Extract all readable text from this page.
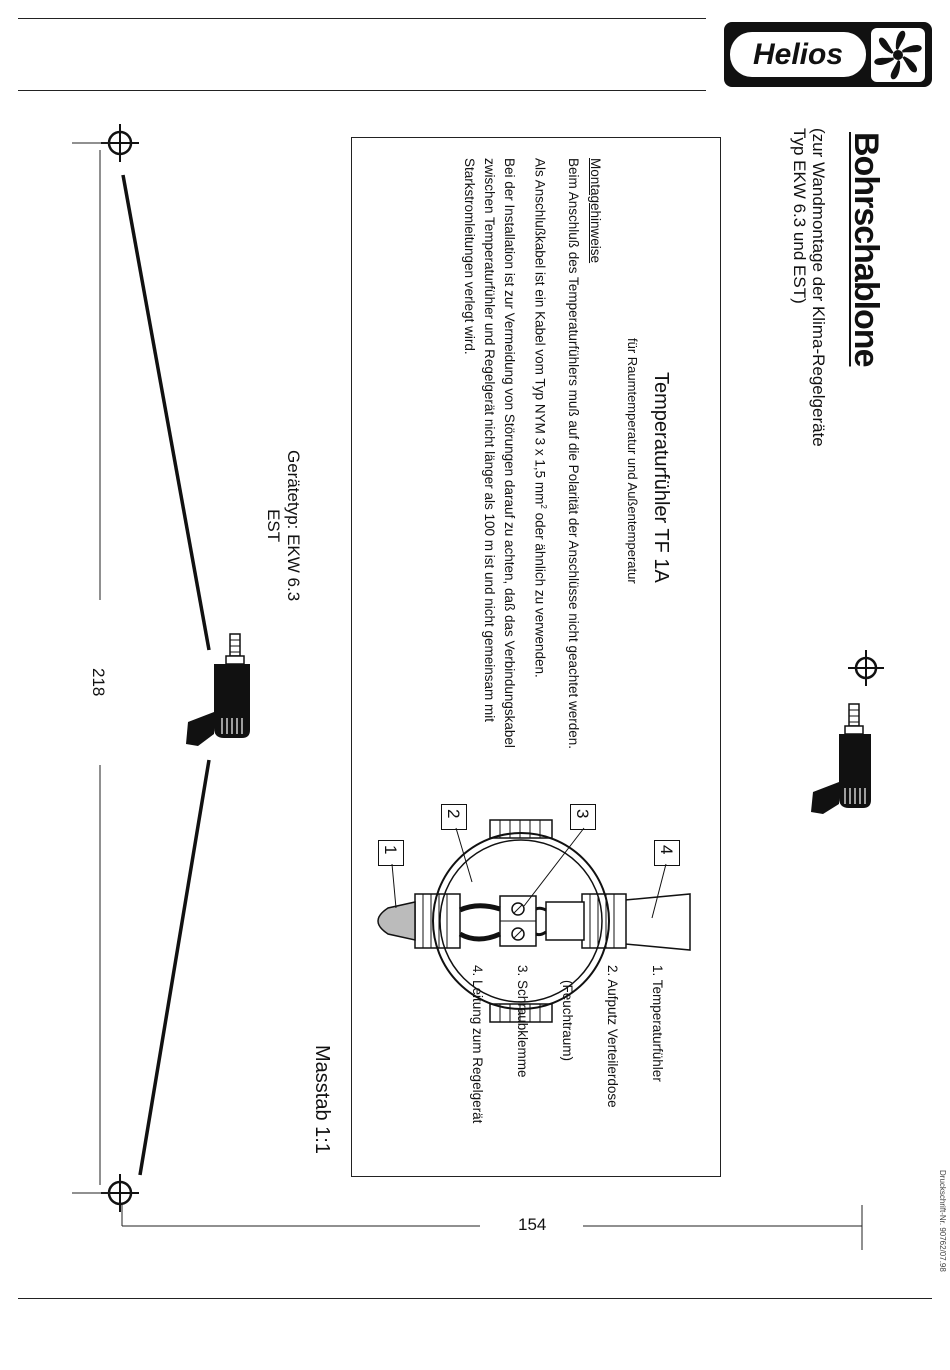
Helios
Bohrschablone
(zur Wandmontage der Klima-Regelgeräte
Typ EKW 6.3 und EST)
Temperaturfühler TF 1A
für Raumtemperatur und Außentemperatur
Montagehinweise

Beim Anschluß des Temperaturfühlers muß auf die Polarität der Anschlüsse nicht geachtet werden.

Als Anschlußkabel ist ein Kabel vom Typ NYM 3 x 1,5 $mm^2$ oder ähnlich zu verwenden.

Bei der Installation ist zur Vermeidung von Störungen darauf zu achten, daß das Verbindungskabel zwischen Temperaturfühler und Regelgerät nicht länger als 100 m ist und nicht gemeinsam mit Starkstromleitungen verlegt wird.

4
3
2
1

1. Temperaturfühler

2. Aufputz Verteilerdose

(Feuchtraum)

3. Schraubklemme

4. Leitung zum Regelgerät

Gerätetyp: EKW 6.3
EST
218
Masstab 1:1
154	Druckschrift-Nr. 90762/07.98
